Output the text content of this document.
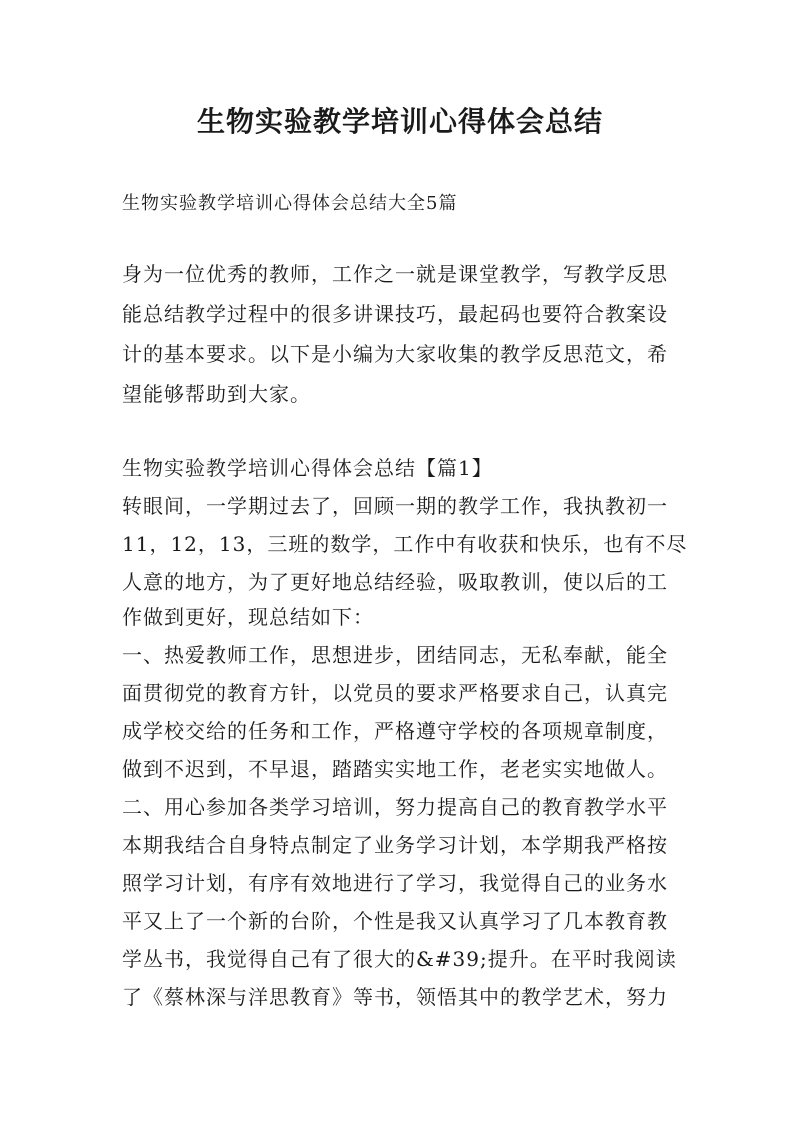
生物实验教学培训心得体会总结
生物实验教学培训心得体会总结大全5篇
身为一位优秀的教师，工作之一就是课堂教学，写教学反思
能总结教学过程中的很多讲课技巧，最起码也要符合教案设
计的基本要求。以下是小编为大家收集的教学反思范文，希
望能够帮助到大家。
生物实验教学培训心得体会总结【篇1】
转眼间，一学期过去了，回顾一期的教学工作，我执教初一
11，12，13，三班的数学，工作中有收获和快乐，也有不尽
人意的地方，为了更好地总结经验，吸取教训，使以后的工
作做到更好，现总结如下：
一、热爱教师工作，思想进步，团结同志，无私奉献，能全
面贯彻党的教育方针，以党员的要求严格要求自己，认真完
成学校交给的任务和工作，严格遵守学校的各项规章制度，
做到不迟到，不早退，踏踏实实地工作，老老实实地做人。
二、用心参加各类学习培训，努力提高自己的教育教学水平
本期我结合自身特点制定了业务学习计划，本学期我严格按
照学习计划，有序有效地进行了学习，我觉得自己的业务水
平又上了一个新的台阶，个性是我又认真学习了几本教育教
学丛书，我觉得自己有了很大的&#39;提升。在平时我阅读
了《蔡林深与洋思教育》等书，领悟其中的教学艺术，努力
